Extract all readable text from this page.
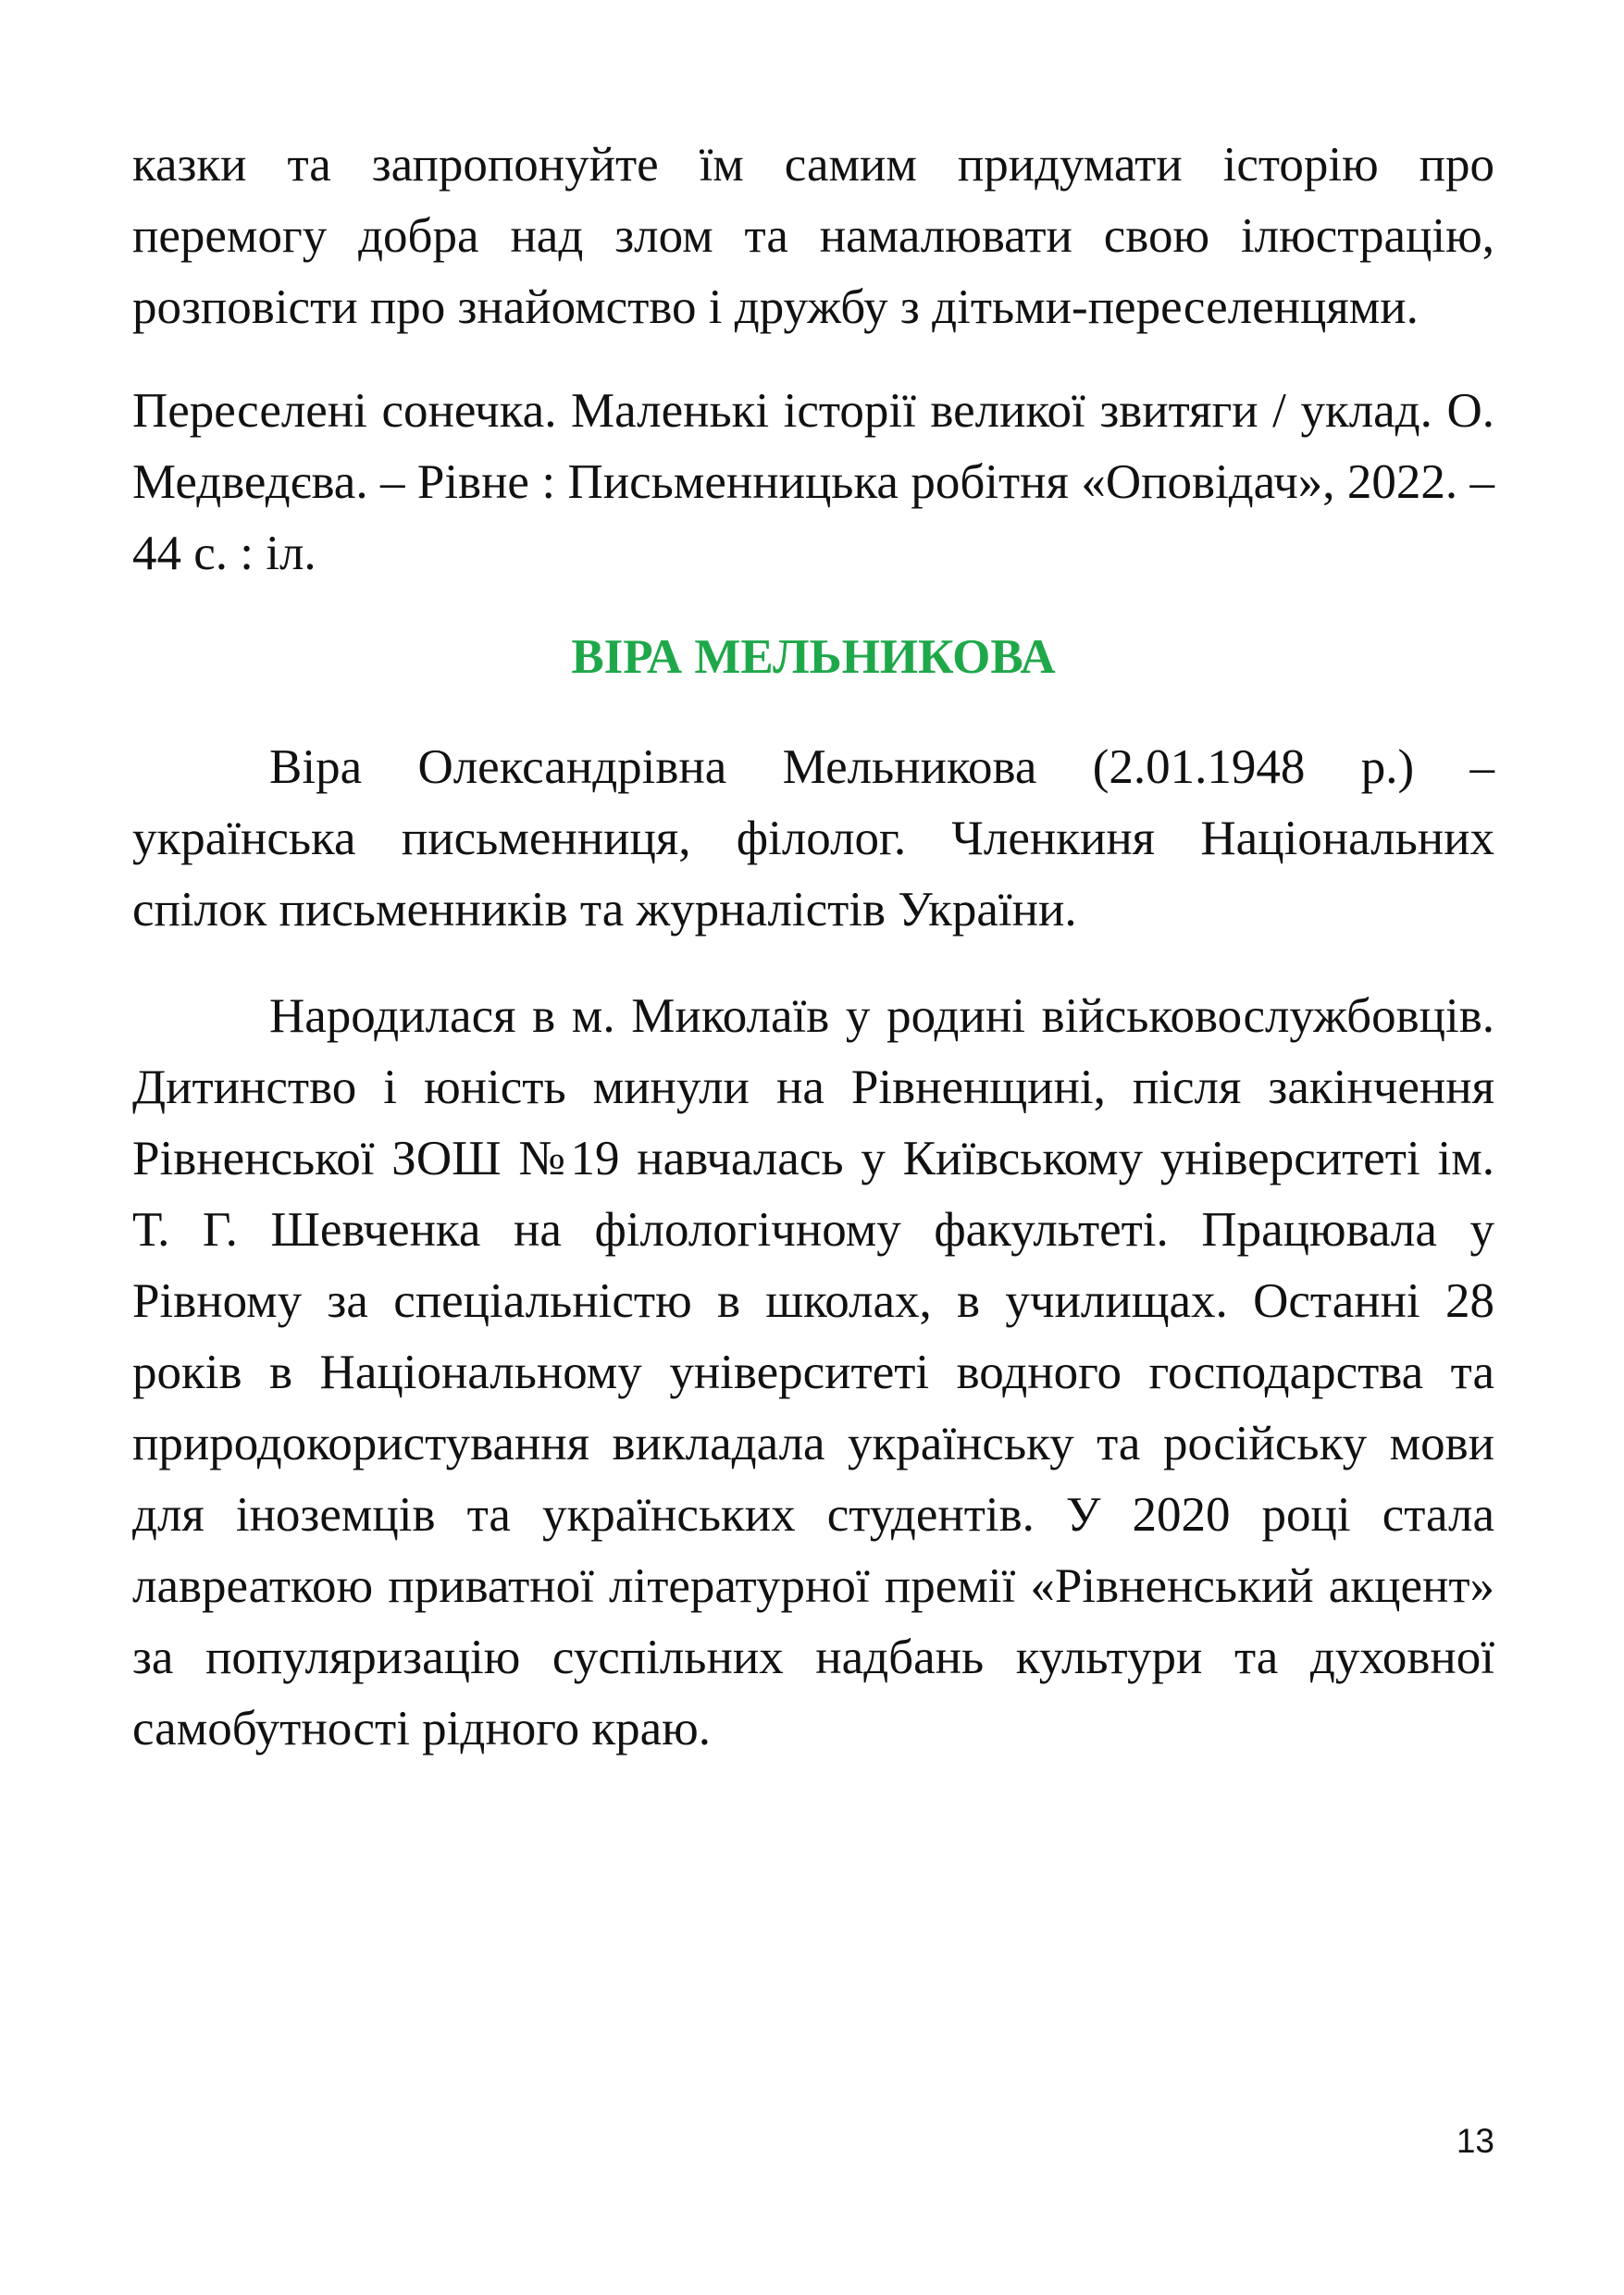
казки та запропонуйте їм самим придумати історію про перемогу добра над злом та намалювати свою ілюстрацію, розповісти про знайомство і дружбу з дітьми-переселенцями.

Переселені сонечка. Маленькі історії великої звитяги / уклад. О. Медведєва. – Рівне : Письменницька робітня «Оповідач», 2022. – 44 с. : іл.

ВІРА МЕЛЬНИКОВА

Віра Олександрівна Мельникова (2.01.1948 р.) – українська письменниця, філолог. Членкиня Національних спілок письменників та журналістів України.

Народилася в м. Миколаїв у родині військовослужбовців. Дитинство і юність минули на Рівненщині, після закінчення Рівненської ЗОШ №19 навчалась у Київському університеті ім. Т. Г. Шевченка на філологічному факультеті. Працювала у Рівному за спеціальністю в школах, в училищах. Останні 28 років в Національному університеті водного господарства та природокористування викладала українську та російську мови для іноземців та українських студентів. У 2020 році стала лавреаткою приватної літературної премії «Рівненський акцент» за популяризацію суспільних надбань культури та духовної самобутності рідного краю.

13
